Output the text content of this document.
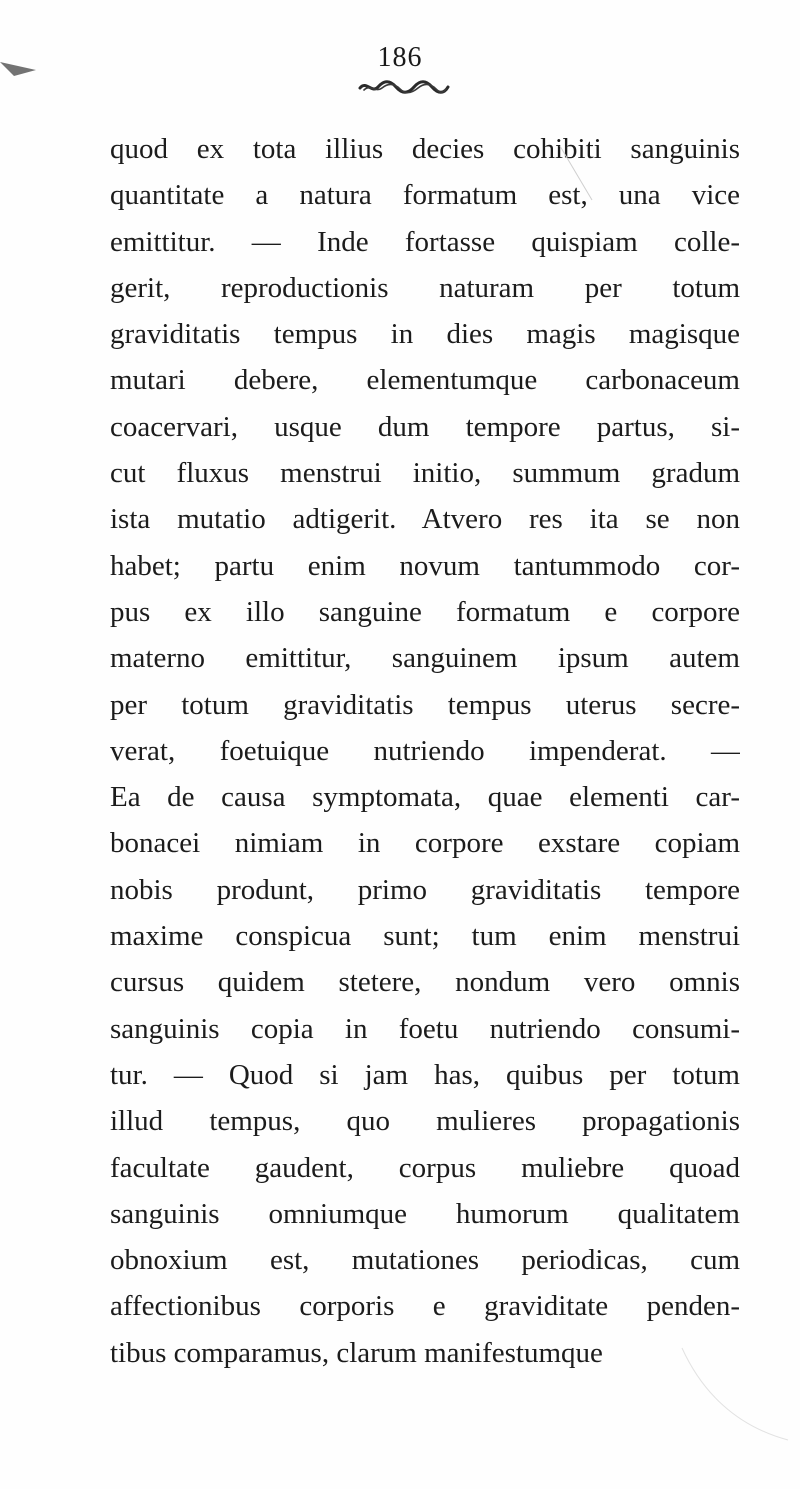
186
quod ex tota illius decies cohibiti sanguinis
quantitate a natura formatum est, una vice
emittitur. — Inde fortasse quispiam colle-
gerit, reproductionis naturam per totum
graviditatis tempus in dies magis magisque
mutari debere, elementumque carbonaceum
coacervari, usque dum tempore partus, si-
cut fluxus menstrui initio, summum gradum
ista mutatio adtigerit. Atvero res ita se non
habet; partu enim novum tantummodo cor-
pus ex illo sanguine formatum e corpore
materno emittitur, sanguinem ipsum autem
per totum graviditatis tempus uterus secre-
verat, foetuique nutriendo impenderat. —
Ea de causa symptomata, quae elementi car-
bonacei nimiam in corpore exstare copiam
nobis produnt, primo graviditatis tempore
maxime conspicua sunt; tum enim menstrui
cursus quidem stetere, nondum vero omnis
sanguinis copia in foetu nutriendo consumi-
tur. — Quod si jam has, quibus per totum
illud tempus, quo mulieres propagationis
facultate gaudent, corpus muliebre quoad
sanguinis omniumque humorum qualitatem
obnoxium est, mutationes periodicas, cum
affectionibus corporis e graviditate penden-
tibus comparamus, clarum manifestumque
